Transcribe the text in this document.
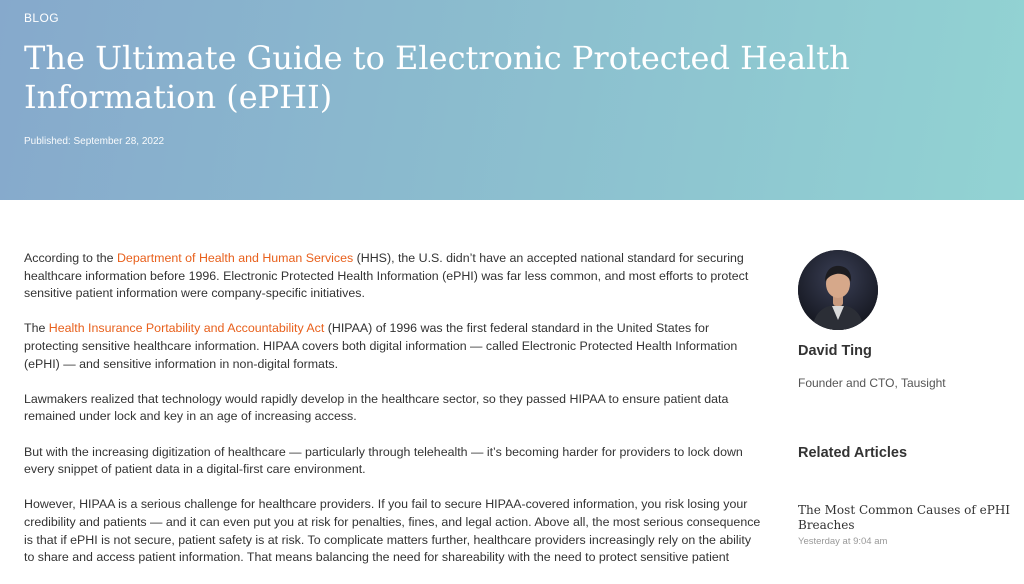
BLOG
The Ultimate Guide to Electronic Protected Health Information (ePHI)
Published: September 28, 2022

According to the Department of Health and Human Services (HHS), the U.S. didn’t have an accepted national standard for securing healthcare information before 1996. Electronic Protected Health Information (ePHI) was far less common, and most efforts to protect sensitive patient information were company-specific initiatives.

The Health Insurance Portability and Accountability Act (HIPAA) of 1996 was the first federal standard in the United States for protecting sensitive healthcare information. HIPAA covers both digital information — called Electronic Protected Health Information (ePHI) — and sensitive information in non-digital formats.

Lawmakers realized that technology would rapidly develop in the healthcare sector, so they passed HIPAA to ensure patient data remained under lock and key in an age of increasing access.

But with the increasing digitization of healthcare — particularly through telehealth — it’s becoming harder for providers to lock down every snippet of patient data in a digital-first care environment.

However, HIPAA is a serious challenge for healthcare providers. If you fail to secure HIPAA-covered information, you risk losing your credibility and patients — and it can even put you at risk for penalties, fines, and legal action. Above all, the most serious consequence is that if ePHI is not secure, patient safety is at risk. To complicate matters further, healthcare providers increasingly rely on the ability to share and access patient information. That means balancing the need for shareability with the need to protect sensitive patient

David Ting
Founder and CTO, Tausight
Related Articles
The Most Common Causes of ePHI Breaches
Yesterday at 9:04 am
